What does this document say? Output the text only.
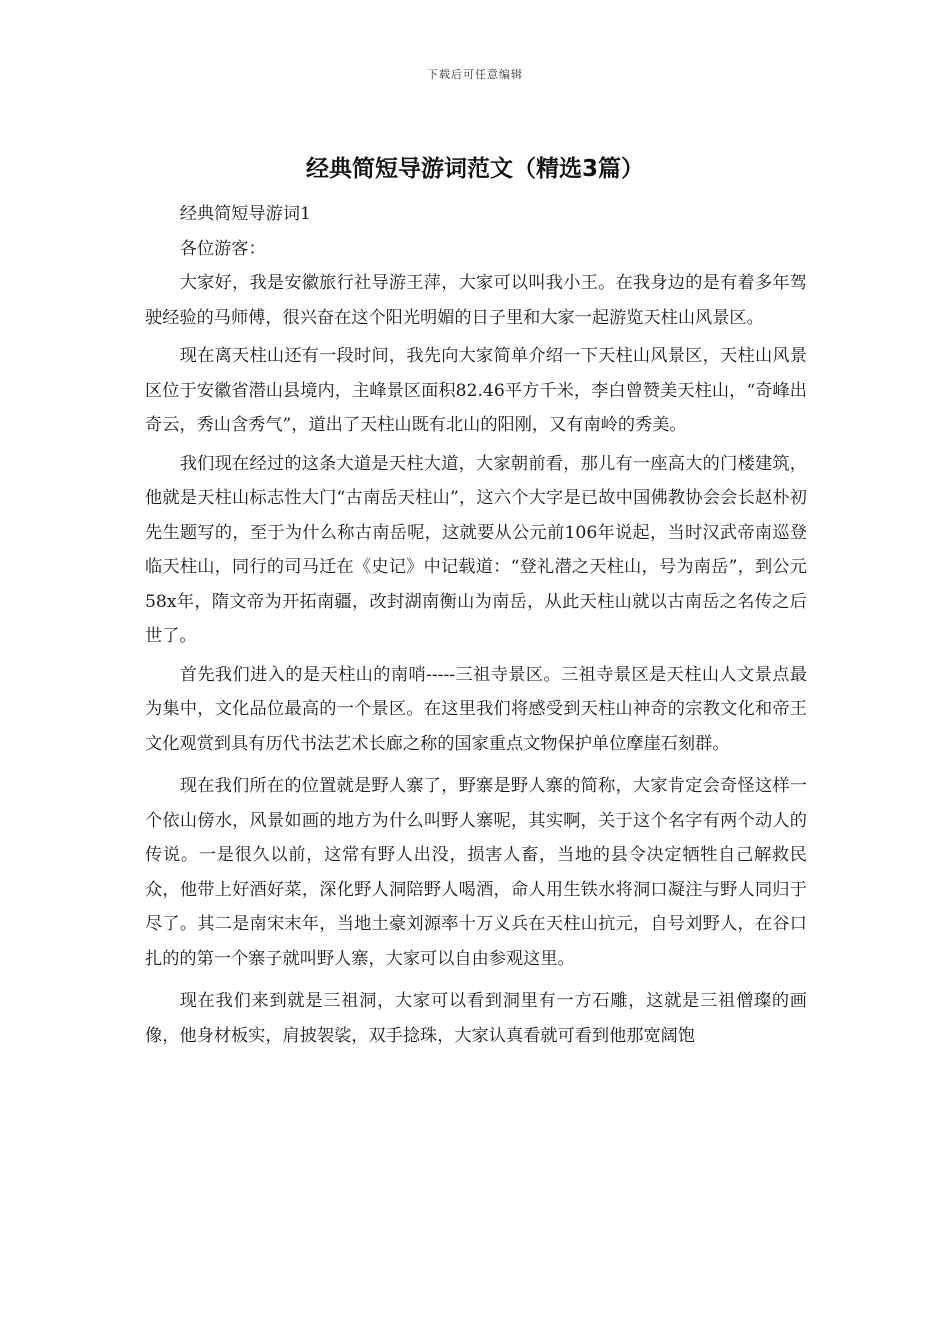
下载后可任意编辑
经典简短导游词范文（精选3篇）

经典简短导游词1

各位游客：

大家好，我是安徽旅行社导游王萍，大家可以叫我小王。在我身边的是有着多年驾驶经验的马师傅，很兴奋在这个阳光明媚的日子里和大家一起游览天柱山风景区。

现在离天柱山还有一段时间，我先向大家简单介绍一下天柱山风景区，天柱山风景区位于安徽省潜山县境内，主峰景区面积82.46平方千米，李白曾赞美天柱山，“奇峰出奇云，秀山含秀气”，道出了天柱山既有北山的阳刚，又有南岭的秀美。

我们现在经过的这条大道是天柱大道，大家朝前看，那儿有一座高大的门楼建筑，他就是天柱山标志性大门“古南岳天柱山”，这六个大字是已故中国佛教协会会长赵朴初先生题写的，至于为什么称古南岳呢，这就要从公元前106年说起，当时汉武帝南巡登临天柱山，同行的司马迁在《史记》中记载道：“登礼潜之天柱山，号为南岳”，到公元58x年，隋文帝为开拓南疆，改封湖南衡山为南岳，从此天柱山就以古南岳之名传之后世了。

首先我们进入的是天柱山的南哨-----三祖寺景区。三祖寺景区是天柱山人文景点最为集中，文化品位最高的一个景区。在这里我们将感受到天柱山神奇的宗教文化和帝王文化观赏到具有历代书法艺术长廊之称的国家重点文物保护单位摩崖石刻群。

现在我们所在的位置就是野人寨了，野寨是野人寨的简称，大家肯定会奇怪这样一个依山傍水，风景如画的地方为什么叫野人寨呢，其实啊，关于这个名字有两个动人的传说。一是很久以前，这常有野人出没，损害人畜，当地的县令决定牺牲自己解救民众，他带上好酒好菜，深化野人洞陪野人喝酒，命人用生铁水将洞口凝注与野人同归于尽了。其二是南宋末年，当地土豪刘源率十万义兵在天柱山抗元，自号刘野人，在谷口扎的的第一个寨子就叫野人寨，大家可以自由参观这里。

现在我们来到就是三祖洞，大家可以看到洞里有一方石雕，这就是三祖僧璨的画像，他身材板实，肩披袈裟，双手捻珠，大家认真看就可看到他那宽阔饱
